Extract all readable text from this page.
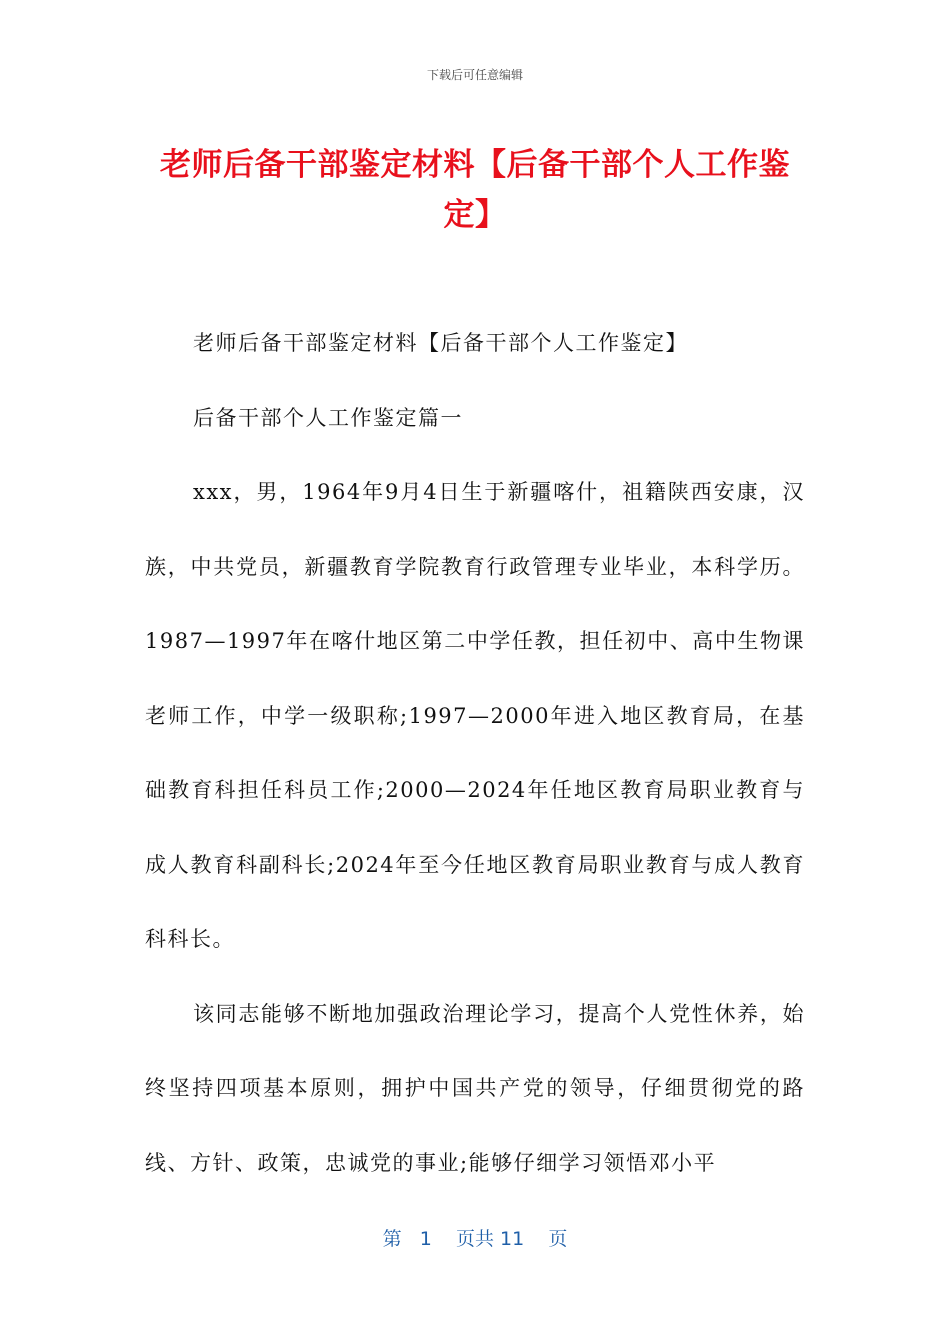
下载后可任意编辑
老师后备干部鉴定材料【后备干部个人工作鉴定】

老师后备干部鉴定材料【后备干部个人工作鉴定】

后备干部个人工作鉴定篇一

xxx，男，1964年9月4日生于新疆喀什，祖籍陕西安康，汉族，中共党员，新疆教育学院教育行政管理专业毕业，本科学历。1987—1997年在喀什地区第二中学任教，担任初中、高中生物课老师工作，中学一级职称;1997—2000年进入地区教育局，在基础教育科担任科员工作;2000—2024年任地区教育局职业教育与成人教育科副科长;2024年至今任地区教育局职业教育与成人教育科科长。

该同志能够不断地加强政治理论学习，提高个人党性休养，始终坚持四项基本原则，拥护中国共产党的领导，仔细贯彻党的路线、方针、政策，忠诚党的事业;能够仔细学习领悟邓小平

第 1 页共 11 页
